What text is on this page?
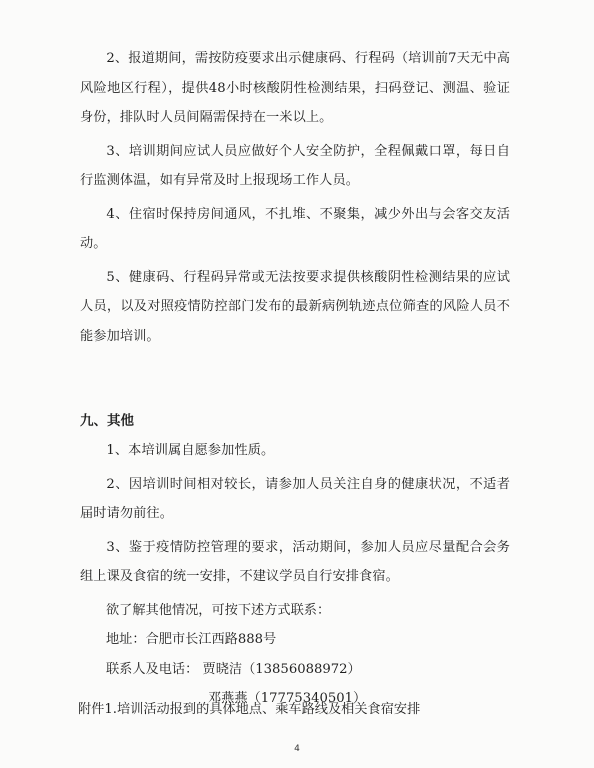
2、报道期间，需按防疫要求出示健康码、行程码（培训前7天无中高风险地区行程），提供48小时核酸阴性检测结果，扫码登记、测温、验证身份，排队时人员间隔需保持在一米以上。

3、培训期间应试人员应做好个人安全防护，全程佩戴口罩，每日自行监测体温，如有异常及时上报现场工作人员。

4、住宿时保持房间通风，不扎堆、不聚集，减少外出与会客交友活动。

5、健康码、行程码异常或无法按要求提供核酸阴性检测结果的应试人员，以及对照疫情防控部门发布的最新病例轨迹点位筛查的风险人员不能参加培训。

九、其他

1、本培训属自愿参加性质。

2、因培训时间相对较长，请参加人员关注自身的健康状况，不适者届时请勿前往。

3、鉴于疫情防控管理的要求，活动期间，参加人员应尽量配合会务组上课及食宿的统一安排，不建议学员自行安排食宿。

欲了解其他情况，可按下述方式联系：

地址：合肥市长江西路888号

联系人及电话： 贾晓洁（13856088972）

邓燕燕（17775340501）

附件1.培训活动报到的具体地点、乘车路线及相关食宿安排
4
